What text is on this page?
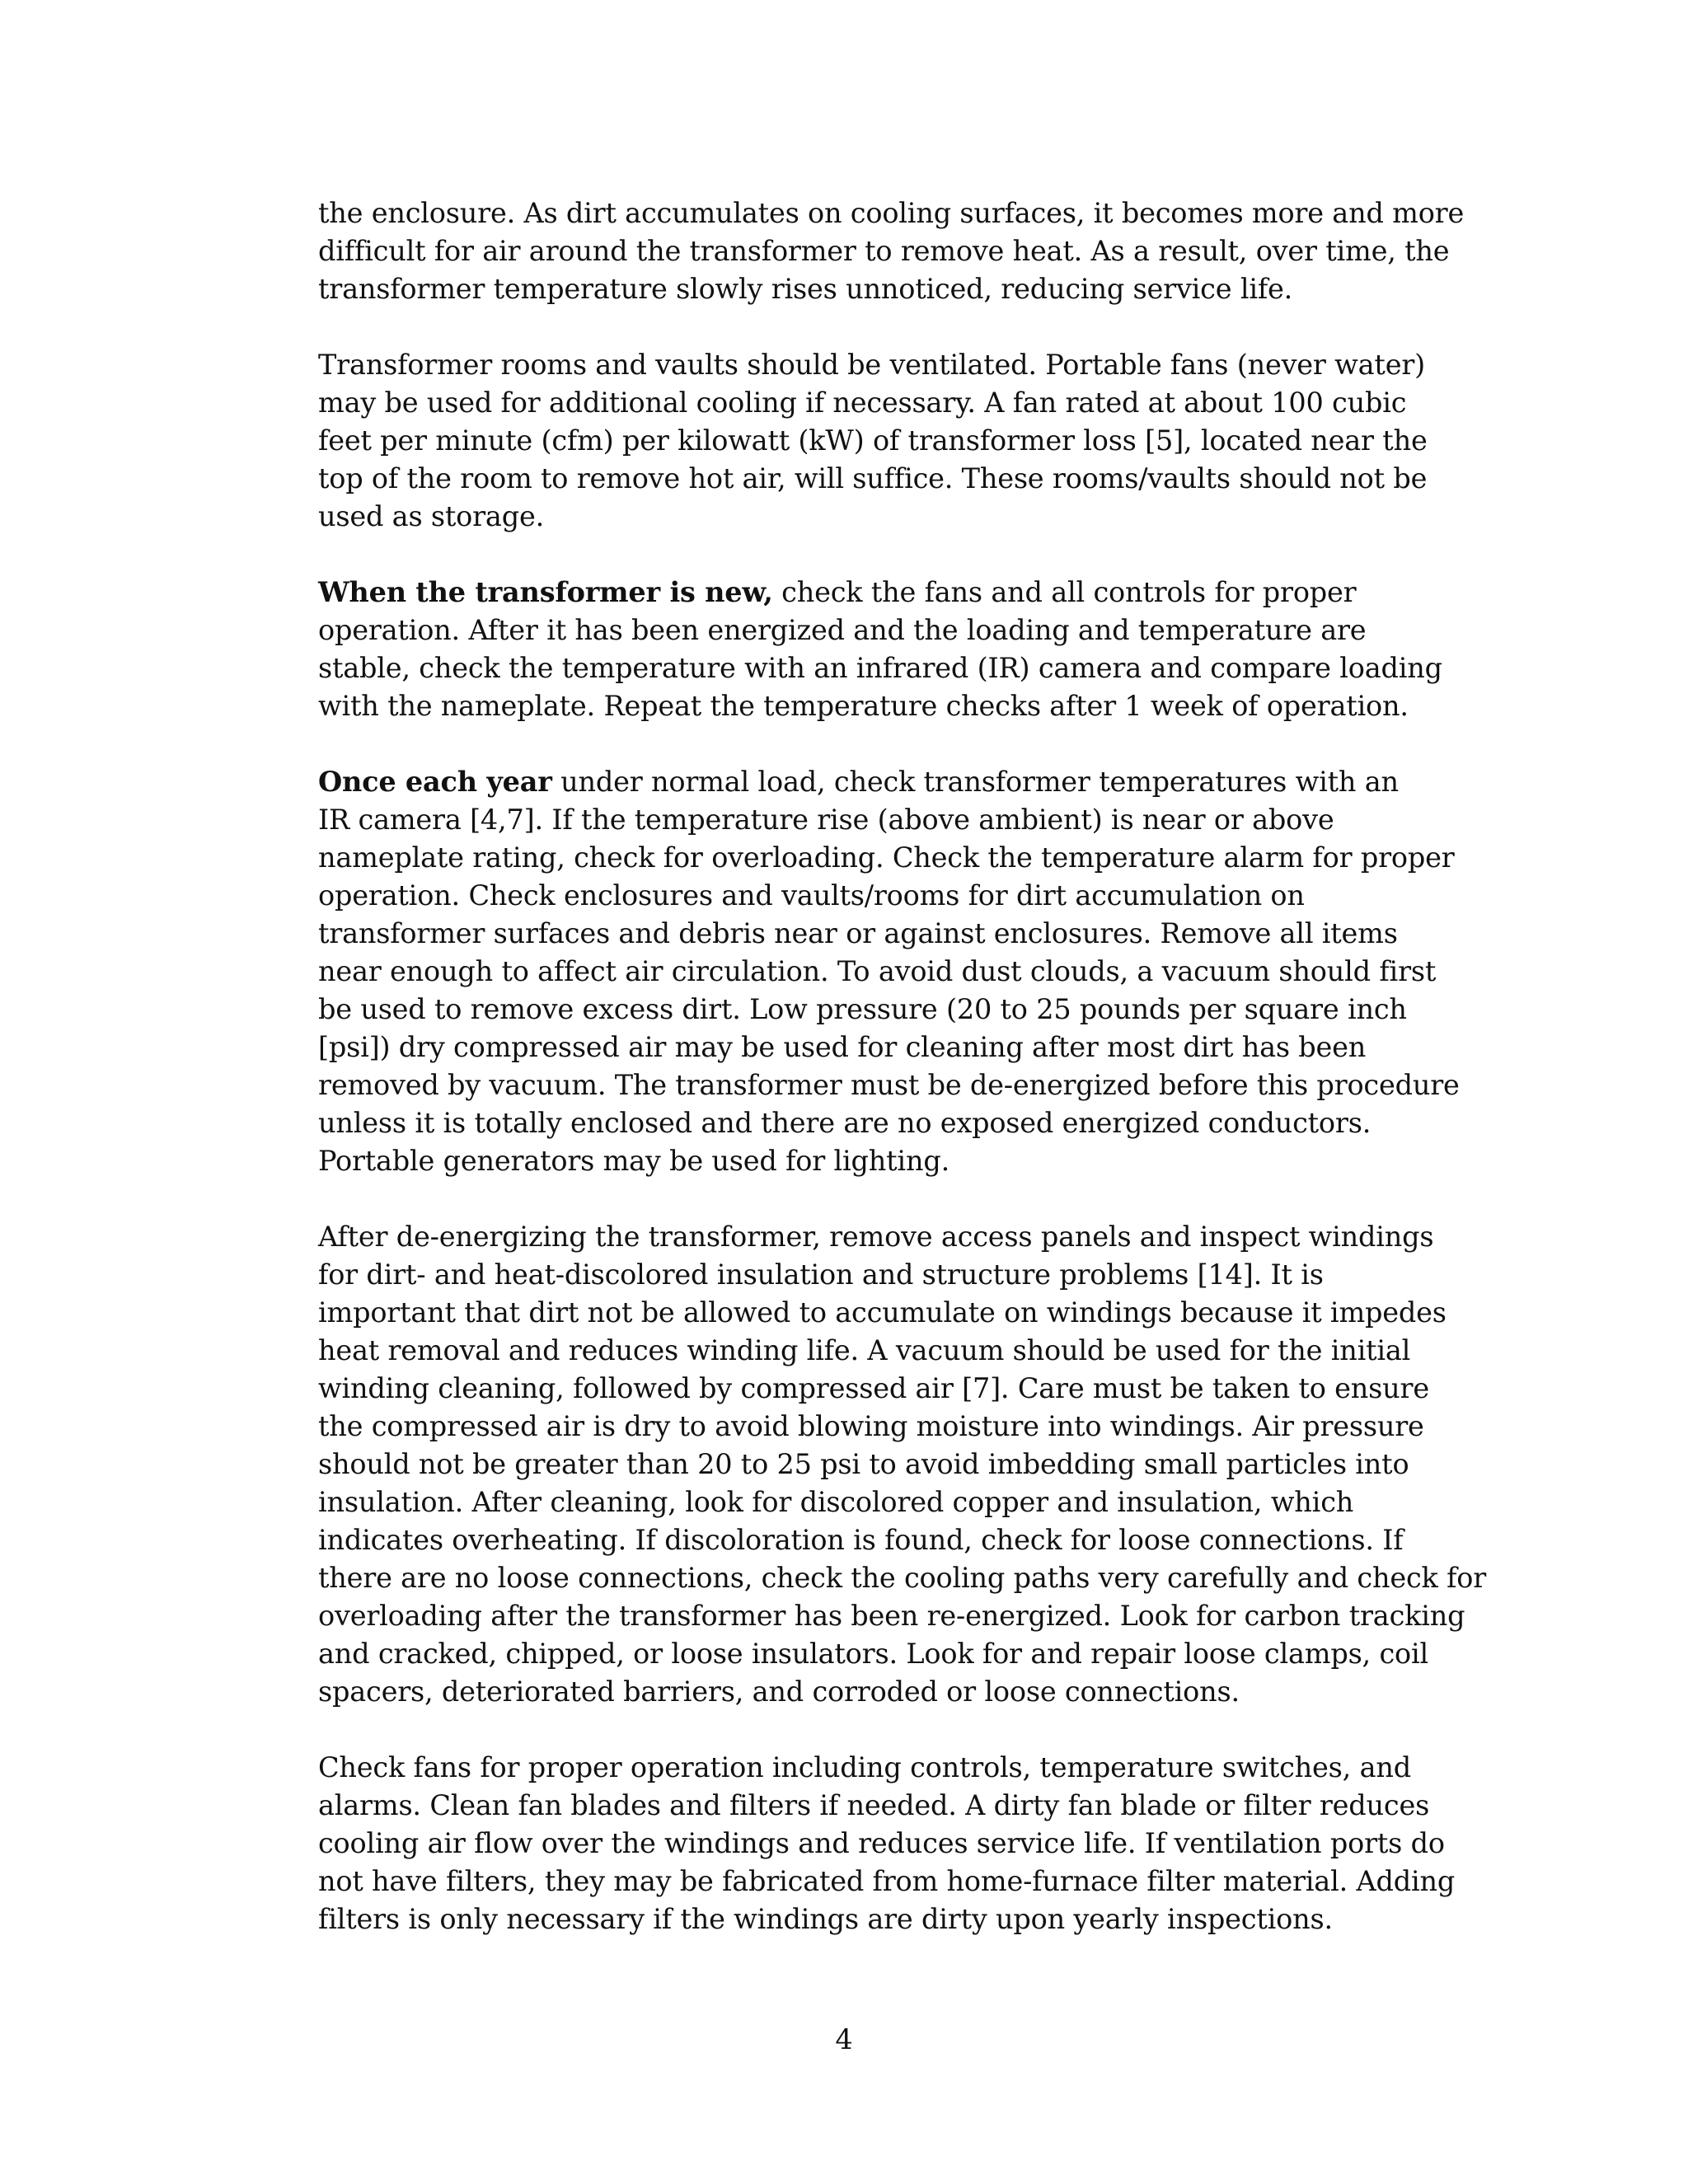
the enclosure. As dirt accumulates on cooling surfaces, it becomes more and more
difficult for air around the transformer to remove heat. As a result, over time, the
transformer temperature slowly rises unnoticed, reducing service life.

Transformer rooms and vaults should be ventilated. Portable fans (never water)
may be used for additional cooling if necessary. A fan rated at about 100 cubic
feet per minute (cfm) per kilowatt (kW) of transformer loss [5], located near the
top of the room to remove hot air, will suffice. These rooms/vaults should not be
used as storage.

When the transformer is new, check the fans and all controls for proper
operation. After it has been energized and the loading and temperature are
stable, check the temperature with an infrared (IR) camera and compare loading
with the nameplate. Repeat the temperature checks after 1 week of operation.

Once each year under normal load, check transformer temperatures with an
IR camera [4,7]. If the temperature rise (above ambient) is near or above
nameplate rating, check for overloading. Check the temperature alarm for proper
operation. Check enclosures and vaults/rooms for dirt accumulation on
transformer surfaces and debris near or against enclosures. Remove all items
near enough to affect air circulation. To avoid dust clouds, a vacuum should first
be used to remove excess dirt. Low pressure (20 to 25 pounds per square inch
[psi]) dry compressed air may be used for cleaning after most dirt has been
removed by vacuum. The transformer must be de-energized before this procedure
unless it is totally enclosed and there are no exposed energized conductors.
Portable generators may be used for lighting.

After de-energizing the transformer, remove access panels and inspect windings
for dirt- and heat-discolored insulation and structure problems [14]. It is
important that dirt not be allowed to accumulate on windings because it impedes
heat removal and reduces winding life. A vacuum should be used for the initial
winding cleaning, followed by compressed air [7]. Care must be taken to ensure
the compressed air is dry to avoid blowing moisture into windings. Air pressure
should not be greater than 20 to 25 psi to avoid imbedding small particles into
insulation. After cleaning, look for discolored copper and insulation, which
indicates overheating. If discoloration is found, check for loose connections. If
there are no loose connections, check the cooling paths very carefully and check for
overloading after the transformer has been re-energized. Look for carbon tracking
and cracked, chipped, or loose insulators. Look for and repair loose clamps, coil
spacers, deteriorated barriers, and corroded or loose connections.

Check fans for proper operation including controls, temperature switches, and
alarms. Clean fan blades and filters if needed. A dirty fan blade or filter reduces
cooling air flow over the windings and reduces service life. If ventilation ports do
not have filters, they may be fabricated from home-furnace filter material. Adding
filters is only necessary if the windings are dirty upon yearly inspections.

4
